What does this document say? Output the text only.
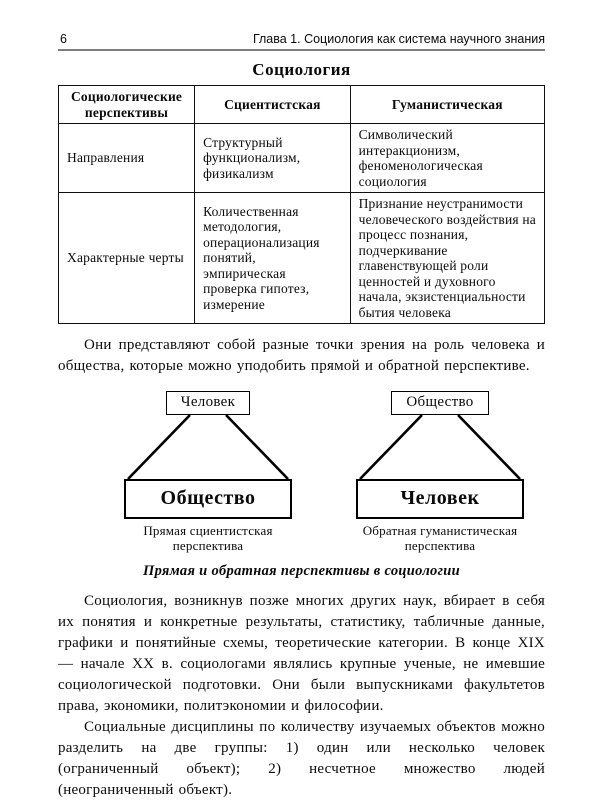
6	Глава 1. Социология как система научного знания
Социология
Социологические перспективы	Сциентистская	Гуманистическая
Направления	Структурный функционализм, физикализм	Символический интеракционизм, феноменологическая социология
Характерные черты	Количественная методология, операционализация понятий, эмпирическая проверка гипотез, измерение	Признание неустранимости человеческого воздействия на процесс познания, подчеркивание главенствующей роли ценностей и духовного начала, экзистенциальности бытия человека

Они представляют собой разные точки зрения на роль человека и общества, которые можно уподобить прямой и обратной перспективе.

Человек
Общество
Прямая сциентистская перспектива
Общество
Человек
Обратная гуманистическая перспектива
Прямая и обратная перспективы в социологии

Социология, возникнув позже многих других наук, вбирает в себя их понятия и конкретные результаты, статистику, табличные данные, графики и понятийные схемы, теоретические категории. В конце XIX — начале XX в. социологами являлись крупные ученые, не имевшие социологической подготовки. Они были выпускниками факультетов права, экономики, политэкономии и философии.

Социальные дисциплины по количеству изучаемых объектов можно разделить на две группы: 1) один или несколько человек (ограниченный объект); 2) несчетное множество людей (неограниченный объект).
